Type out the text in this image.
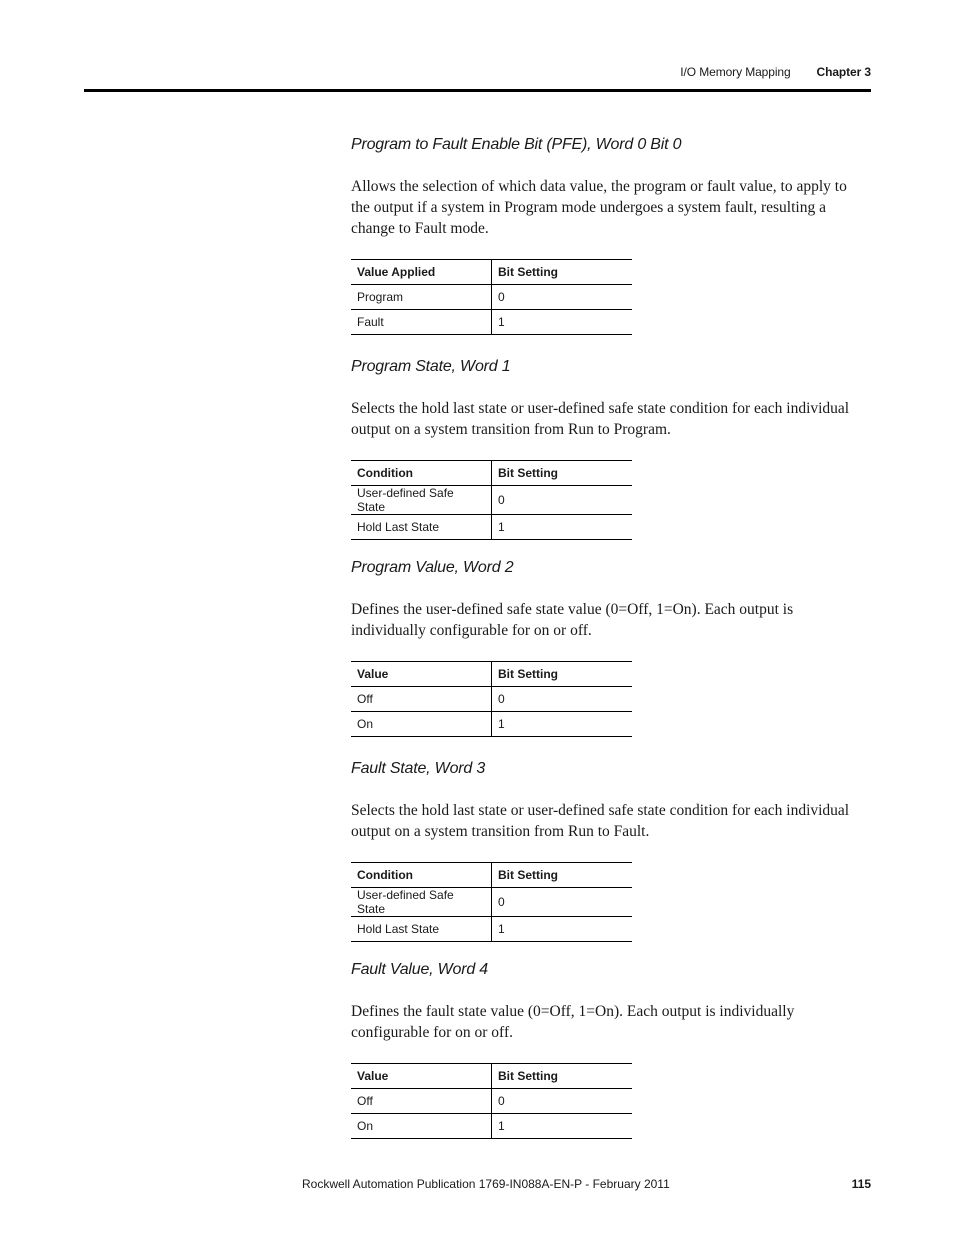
I/O Memory Mapping Chapter 3
Program to Fault Enable Bit (PFE), Word 0 Bit 0

Allows the selection of which data value, the program or fault value, to apply to the output if a system in Program mode undergoes a system fault, resulting a change to Fault mode.

Value Applied	Bit Setting
Program	0
Fault	1
Program State, Word 1

Selects the hold last state or user-defined safe state condition for each individual output on a system transition from Run to Program.

Condition	Bit Setting
User-defined Safe State	0
Hold Last State	1
Program Value, Word 2

Defines the user-defined safe state value (0=Off, 1=On). Each output is individually configurable for on or off.

Value	Bit Setting
Off	0
On	1
Fault State, Word 3

Selects the hold last state or user-defined safe state condition for each individual output on a system transition from Run to Fault.

Condition	Bit Setting
User-defined Safe State	0
Hold Last State	1
Fault Value, Word 4

Defines the fault state value (0=Off, 1=On). Each output is individually configurable for on or off.

Value	Bit Setting
Off	0
On	1
Rockwell Automation Publication 1769-IN088A-EN-P - February 2011	115
